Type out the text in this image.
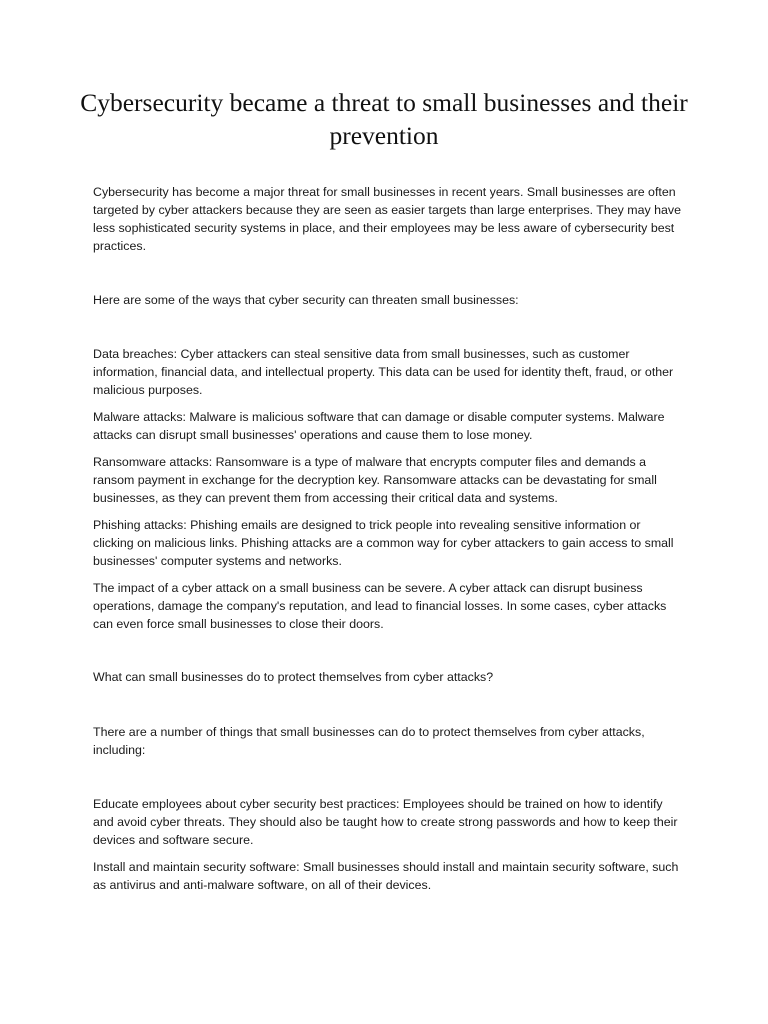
Cybersecurity became a threat to small businesses and their prevention

Cybersecurity has become a major threat for small businesses in recent years. Small businesses are often targeted by cyber attackers because they are seen as easier targets than large enterprises. They may have less sophisticated security systems in place, and their employees may be less aware of cybersecurity best practices.

Here are some of the ways that cyber security can threaten small businesses:

Data breaches: Cyber attackers can steal sensitive data from small businesses, such as customer information, financial data, and intellectual property. This data can be used for identity theft, fraud, or other malicious purposes.

Malware attacks: Malware is malicious software that can damage or disable computer systems. Malware attacks can disrupt small businesses' operations and cause them to lose money.

Ransomware attacks: Ransomware is a type of malware that encrypts computer files and demands a ransom payment in exchange for the decryption key. Ransomware attacks can be devastating for small businesses, as they can prevent them from accessing their critical data and systems.

Phishing attacks: Phishing emails are designed to trick people into revealing sensitive information or clicking on malicious links. Phishing attacks are a common way for cyber attackers to gain access to small businesses' computer systems and networks.

The impact of a cyber attack on a small business can be severe. A cyber attack can disrupt business operations, damage the company's reputation, and lead to financial losses. In some cases, cyber attacks can even force small businesses to close their doors.

What can small businesses do to protect themselves from cyber attacks?

There are a number of things that small businesses can do to protect themselves from cyber attacks, including:

Educate employees about cyber security best practices: Employees should be trained on how to identify and avoid cyber threats. They should also be taught how to create strong passwords and how to keep their devices and software secure.

Install and maintain security software: Small businesses should install and maintain security software, such as antivirus and anti-malware software, on all of their devices.
